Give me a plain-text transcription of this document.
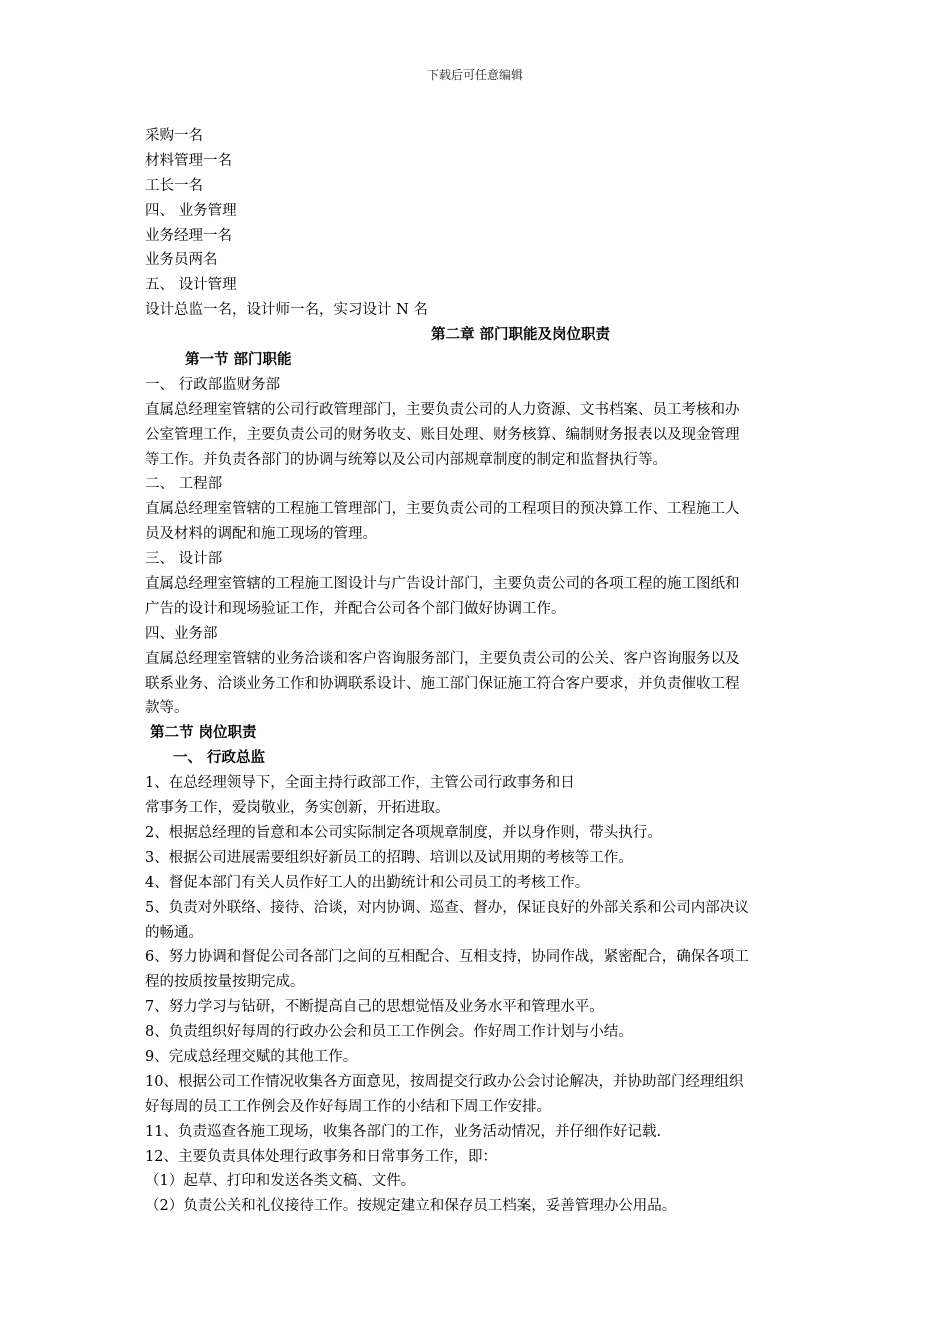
下载后可任意编辑

采购一名

材料管理一名

工长一名

四、 业务管理

业务经理一名

业务员两名

五、 设计管理

设计总监一名，设计师一名，实习设计 N 名

第二章 部门职能及岗位职责

第一节 部门职能

一、 行政部监财务部

直属总经理室管辖的公司行政管理部门，主要负责公司的人力资源、文书档案、员工考核和办

公室管理工作，主要负责公司的财务收支、账目处理、财务核算、编制财务报表以及现金管理

等工作。并负责各部门的协调与统筹以及公司内部规章制度的制定和监督执行等。

二、 工程部

直属总经理室管辖的工程施工管理部门，主要负责公司的工程项目的预决算工作、工程施工人

员及材料的调配和施工现场的管理。

三、 设计部

直属总经理室管辖的工程施工图设计与广告设计部门，主要负责公司的各项工程的施工图纸和

广告的设计和现场验证工作，并配合公司各个部门做好协调工作。

四、业务部

直属总经理室管辖的业务洽谈和客户咨询服务部门，主要负责公司的公关、客户咨询服务以及

联系业务、洽谈业务工作和协调联系设计、施工部门保证施工符合客户要求，并负责催收工程

款等。

第二节 岗位职责

一、 行政总监

1、在总经理领导下，全面主持行政部工作，主管公司行政事务和日

常事务工作，爱岗敬业，务实创新，开拓进取。

2、根据总经理的旨意和本公司实际制定各项规章制度，并以身作则，带头执行。

3、根据公司进展需要组织好新员工的招聘、培训以及试用期的考核等工作。

4、督促本部门有关人员作好工人的出勤统计和公司员工的考核工作。

5、负责对外联络、接待、洽谈，对内协调、巡查、督办，保证良好的外部关系和公司内部决议

的畅通。

6、努力协调和督促公司各部门之间的互相配合、互相支持，协同作战，紧密配合，确保各项工

程的按质按量按期完成。

7、努力学习与钻研，不断提高自己的思想觉悟及业务水平和管理水平。

8、负责组织好每周的行政办公会和员工工作例会。作好周工作计划与小结。

9、完成总经理交赋的其他工作。

10、根据公司工作情况收集各方面意见，按周提交行政办公会讨论解决，并协助部门经理组织

好每周的员工工作例会及作好每周工作的小结和下周工作安排。

11、负责巡查各施工现场，收集各部门的工作，业务活动情况，并仔细作好记载.

12、主要负责具体处理行政事务和日常事务工作，即：

（1）起草、打印和发送各类文稿、文件。

（2）负责公关和礼仪接待工作。按规定建立和保存员工档案，妥善管理办公用品。
